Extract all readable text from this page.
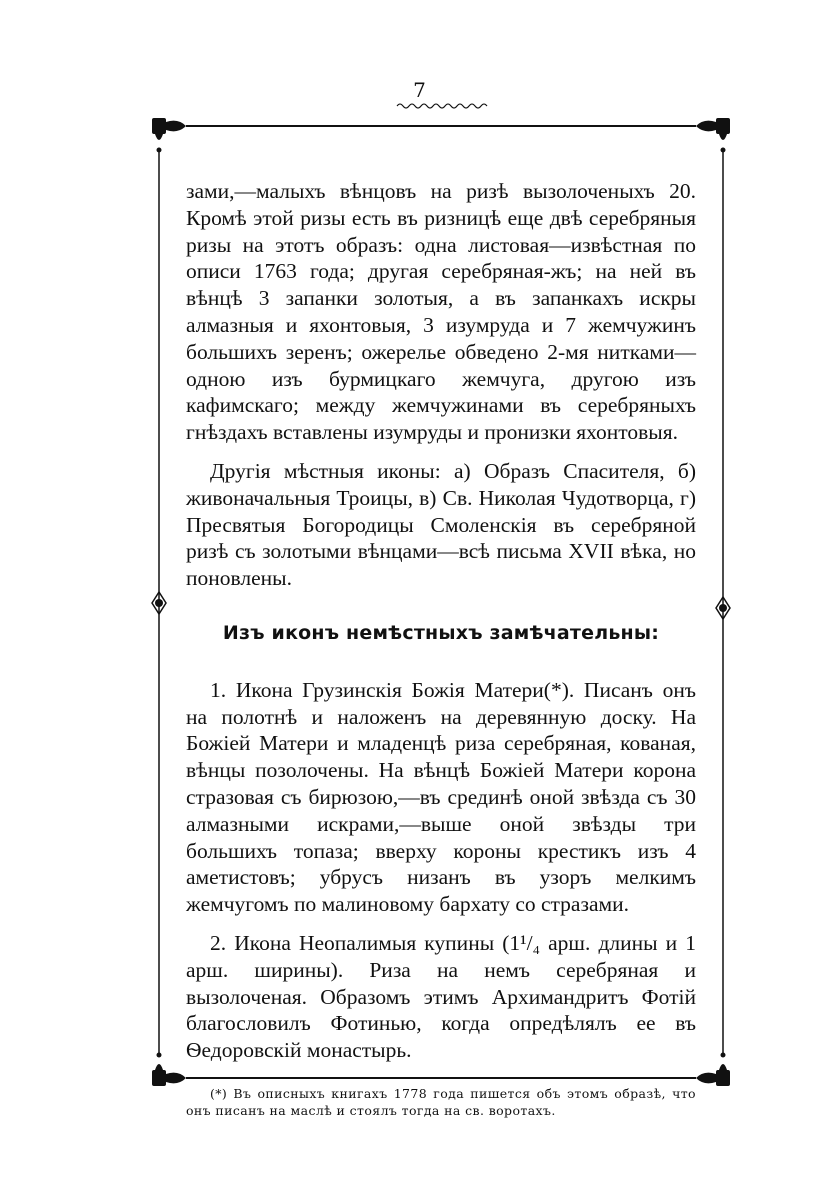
7

зами,—малыхъ вѣнцовъ на ризѣ вызолоченыхъ 20. Кромѣ этой ризы есть въ ризницѣ еще двѣ серебряныя ризы на этотъ образъ: одна листовая—извѣстная по описи 1763 года; другая серебряная-жъ; на ней въ вѣнцѣ 3 запанки золотыя, а въ запанкахъ искры алмазныя и яхонтовыя, 3 изумруда и 7 жемчужинъ большихъ зеренъ; ожерелье обведено 2-мя нитками—одною изъ бурмицкаго жемчуга, другою изъ кафимскаго; между жемчужинами въ серебряныхъ гнѣздахъ вставлены изумруды и пронизки яхонтовыя.

Другія мѣстныя иконы: а) Образъ Спасителя, б) живоначальныя Троицы, в) Св. Николая Чудотворца, г) Пресвятыя Богородицы Смоленскія въ серебряной ризѣ съ золотыми вѣнцами—всѣ письма XVII вѣка, но поновлены.

Изъ иконъ немѣстныхъ замѣчательны:

1. Икона Грузинскія Божія Матери(*). Писанъ онъ на полотнѣ и наложенъ на деревянную доску. На Божіей Матери и младенцѣ риза серебряная, кованая, вѣнцы позолочены. На вѣнцѣ Божіей Матери корона стразовая съ бирюзою,—въ срединѣ оной звѣзда съ 30 алмазными искрами,—выше оной звѣзды три большихъ топаза; вверху короны крестикъ изъ 4 аметистовъ; убрусъ низанъ въ узоръ мелкимъ жемчугомъ по малиновому бархату со стразами.

2. Икона Неопалимыя купины (1¹/₄ арш. длины и 1 арш. ширины). Риза на немъ серебряная и вызолоченая. Образомъ этимъ Архимандритъ Фотій благословилъ Фотинью, когда опредѣлялъ ее въ Ѳедоровскій монастырь.

(*) Въ описныхъ книгахъ 1778 года пишется объ этомъ образѣ, что онъ писанъ на маслѣ и стоялъ тогда на св. воротахъ.
